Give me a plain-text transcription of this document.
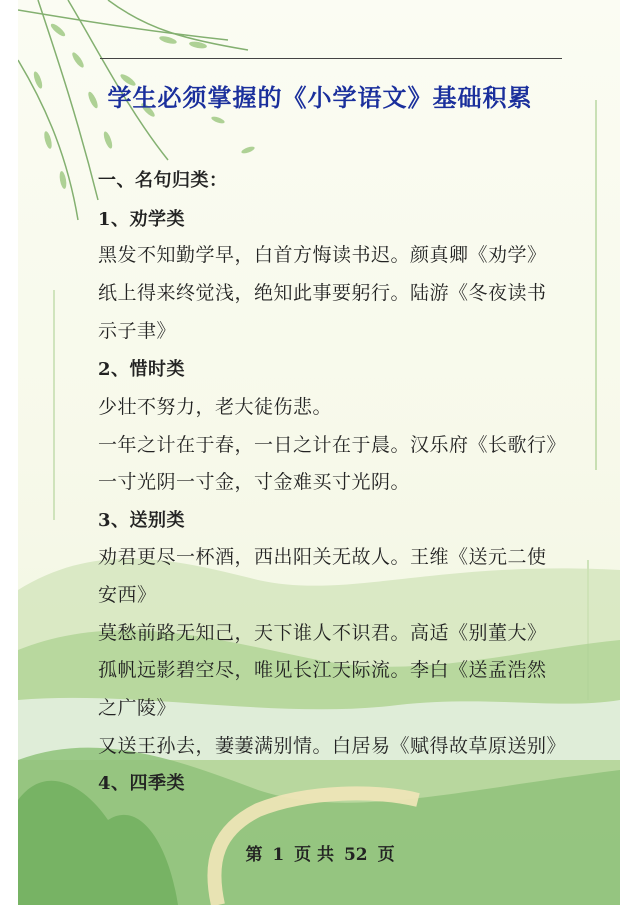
学生必须掌握的《小学语文》基础积累
一、名句归类：
1、劝学类
黑发不知勤学早，白首方悔读书迟。颜真卿《劝学》
纸上得来终觉浅，绝知此事要躬行。陆游《冬夜读书
示子聿》
2、惜时类
少壮不努力，老大徒伤悲。
一年之计在于春，一日之计在于晨。汉乐府《长歌行》
一寸光阴一寸金，寸金难买寸光阴。
3、送别类
劝君更尽一杯酒，西出阳关无故人。王维《送元二使
安西》
莫愁前路无知己，天下谁人不识君。高适《别董大》
孤帆远影碧空尽，唯见长江天际流。李白《送孟浩然
之广陵》
又送王孙去，萋萋满别情。白居易《赋得故草原送别》
4、四季类
第 1 页 共 52 页
